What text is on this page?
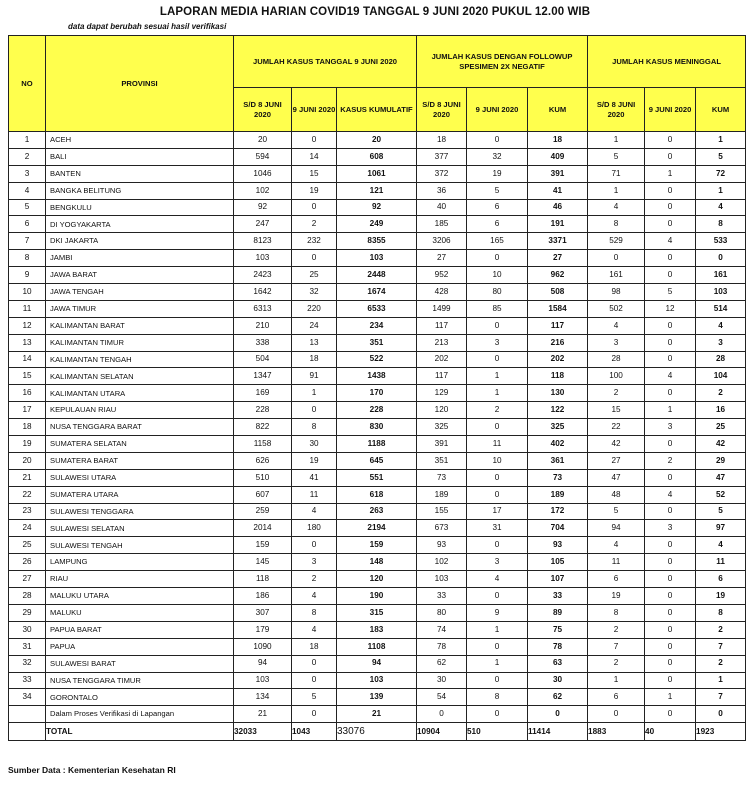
LAPORAN MEDIA HARIAN COVID19 TANGGAL 9 JUNI 2020 PUKUL 12.00 WIB
data dapat berubah sesuai hasil verifikasi
NO	PROVINSI	JUMLAH KASUS TANGGAL 9 JUNI 2020			JUMLAH KASUS DENGAN FOLLOWUP SPESIMEN 2X NEGATIF			JUMLAH KASUS MENINGGAL		
		S/D 8 JUNI 2020	9 JUNI 2020	KASUS KUMULATIF	S/D 8 JUNI 2020	9 JUNI 2020	KUM	S/D 8 JUNI 2020	9 JUNI 2020	KUM
1	ACEH	20	0	20	18	0	18	1	0	1
2	BALI	594	14	608	377	32	409	5	0	5
3	BANTEN	1046	15	1061	372	19	391	71	1	72
4	BANGKA BELITUNG	102	19	121	36	5	41	1	0	1
5	BENGKULU	92	0	92	40	6	46	4	0	4
6	DI YOGYAKARTA	247	2	249	185	6	191	8	0	8
7	DKI JAKARTA	8123	232	8355	3206	165	3371	529	4	533
8	JAMBI	103	0	103	27	0	27	0	0	0
9	JAWA BARAT	2423	25	2448	952	10	962	161	0	161
10	JAWA TENGAH	1642	32	1674	428	80	508	98	5	103
11	JAWA TIMUR	6313	220	6533	1499	85	1584	502	12	514
12	KALIMANTAN BARAT	210	24	234	117	0	117	4	0	4
13	KALIMANTAN TIMUR	338	13	351	213	3	216	3	0	3
14	KALIMANTAN TENGAH	504	18	522	202	0	202	28	0	28
15	KALIMANTAN SELATAN	1347	91	1438	117	1	118	100	4	104
16	KALIMANTAN UTARA	169	1	170	129	1	130	2	0	2
17	KEPULAUAN RIAU	228	0	228	120	2	122	15	1	16
18	NUSA TENGGARA BARAT	822	8	830	325	0	325	22	3	25
19	SUMATERA SELATAN	1158	30	1188	391	11	402	42	0	42
20	SUMATERA BARAT	626	19	645	351	10	361	27	2	29
21	SULAWESI UTARA	510	41	551	73	0	73	47	0	47
22	SUMATERA UTARA	607	11	618	189	0	189	48	4	52
23	SULAWESI TENGGARA	259	4	263	155	17	172	5	0	5
24	SULAWESI SELATAN	2014	180	2194	673	31	704	94	3	97
25	SULAWESI TENGAH	159	0	159	93	0	93	4	0	4
26	LAMPUNG	145	3	148	102	3	105	11	0	11
27	RIAU	118	2	120	103	4	107	6	0	6
28	MALUKU UTARA	186	4	190	33	0	33	19	0	19
29	MALUKU	307	8	315	80	9	89	8	0	8
30	PAPUA BARAT	179	4	183	74	1	75	2	0	2
31	PAPUA	1090	18	1108	78	0	78	7	0	7
32	SULAWESI BARAT	94	0	94	62	1	63	2	0	2
33	NUSA TENGGARA TIMUR	103	0	103	30	0	30	1	0	1
34	GORONTALO	134	5	139	54	8	62	6	1	7
	Dalam Proses Verifikasi di Lapangan	21	0	21	0	0	0	0	0	0
	TOTAL	32033	1043	33076	10904	510	11414	1883	40	1923
Sumber Data : Kementerian Kesehatan RI
